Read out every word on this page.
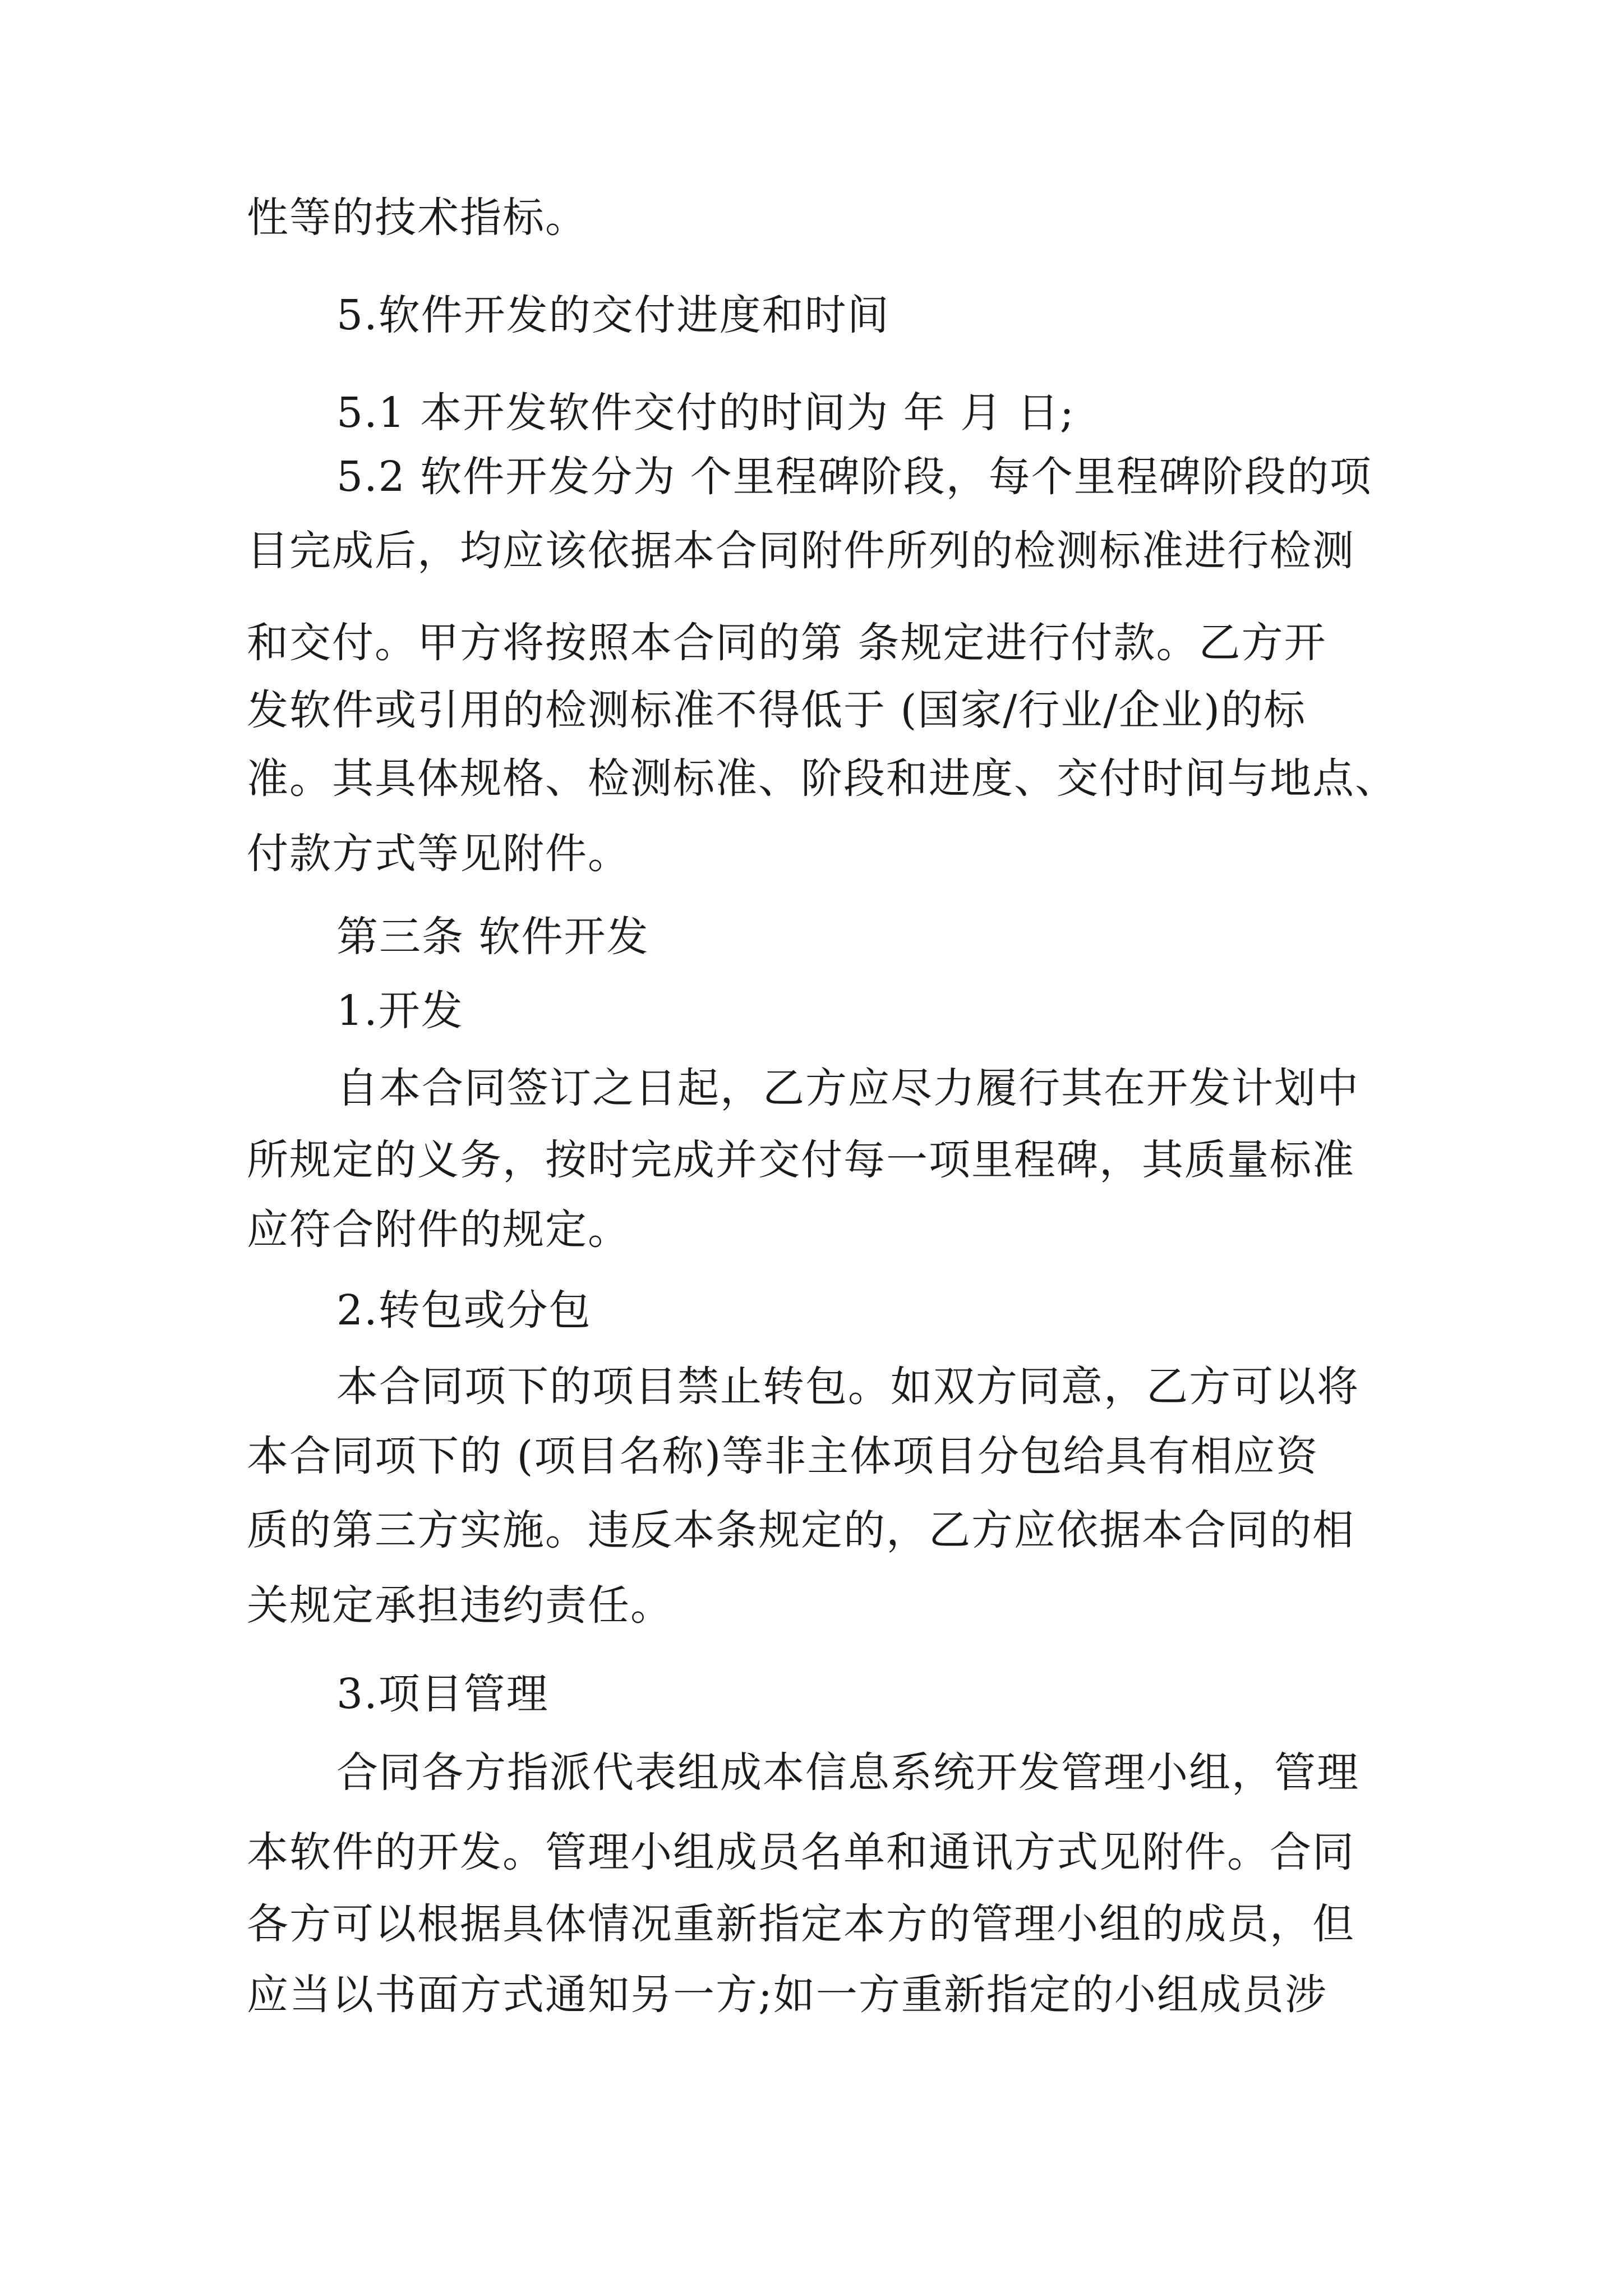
性等的技术指标。
5.软件开发的交付进度和时间
5.1 本开发软件交付的时间为 年 月 日;
5.2 软件开发分为 个里程碑阶段，每个里程碑阶段的项
目完成后，均应该依据本合同附件所列的检测标准进行检测
和交付。甲方将按照本合同的第 条规定进行付款。乙方开
发软件或引用的检测标准不得低于 (国家/行业/企业)的标
准。其具体规格、检测标准、阶段和进度、交付时间与地点、
付款方式等见附件。
第三条 软件开发
1.开发
自本合同签订之日起，乙方应尽力履行其在开发计划中
所规定的义务，按时完成并交付每一项里程碑，其质量标准
应符合附件的规定。
2.转包或分包
本合同项下的项目禁止转包。如双方同意，乙方可以将
本合同项下的 (项目名称)等非主体项目分包给具有相应资
质的第三方实施。违反本条规定的，乙方应依据本合同的相
关规定承担违约责任。
3.项目管理
合同各方指派代表组成本信息系统开发管理小组，管理
本软件的开发。管理小组成员名单和通讯方式见附件。合同
各方可以根据具体情况重新指定本方的管理小组的成员，但
应当以书面方式通知另一方;如一方重新指定的小组成员涉
